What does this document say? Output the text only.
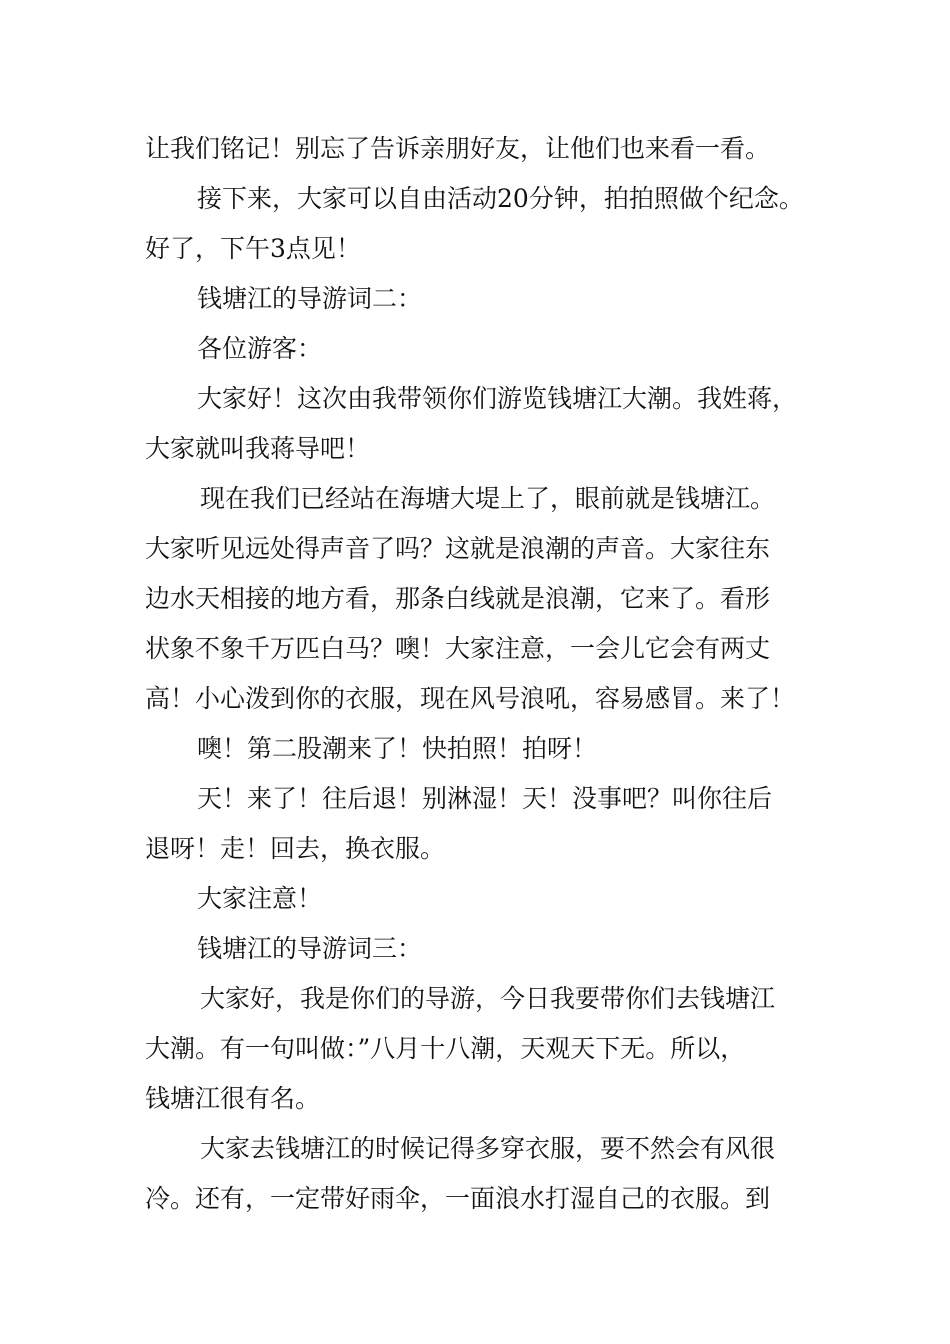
让我们铭记！别忘了告诉亲朋好友，让他们也来看一看。
接下来，大家可以自由活动20分钟，拍拍照做个纪念。
好了，下午3点见！
钱塘江的导游词二：
各位游客：
大家好！这次由我带领你们游览钱塘江大潮。我姓蒋，
大家就叫我蒋导吧！
现在我们已经站在海塘大堤上了，眼前就是钱塘江。
大家听见远处得声音了吗？这就是浪潮的声音。大家往东
边水天相接的地方看，那条白线就是浪潮，它来了。看形
状象不象千万匹白马？噢！大家注意，一会儿它会有两丈
高！小心泼到你的衣服，现在风号浪吼，容易感冒。来了！
噢！第二股潮来了！快拍照！拍呀！
天！来了！往后退！别淋湿！天！没事吧？叫你往后
退呀！走！回去，换衣服。
大家注意！
钱塘江的导游词三：
大家好，我是你们的导游，今日我要带你们去钱塘江
大潮。有一句叫做：”八月十八潮，天观天下无。所以，
钱塘江很有名。
大家去钱塘江的时候记得多穿衣服，要不然会有风很
冷。还有，一定带好雨伞，一面浪水打湿自己的衣服。到
